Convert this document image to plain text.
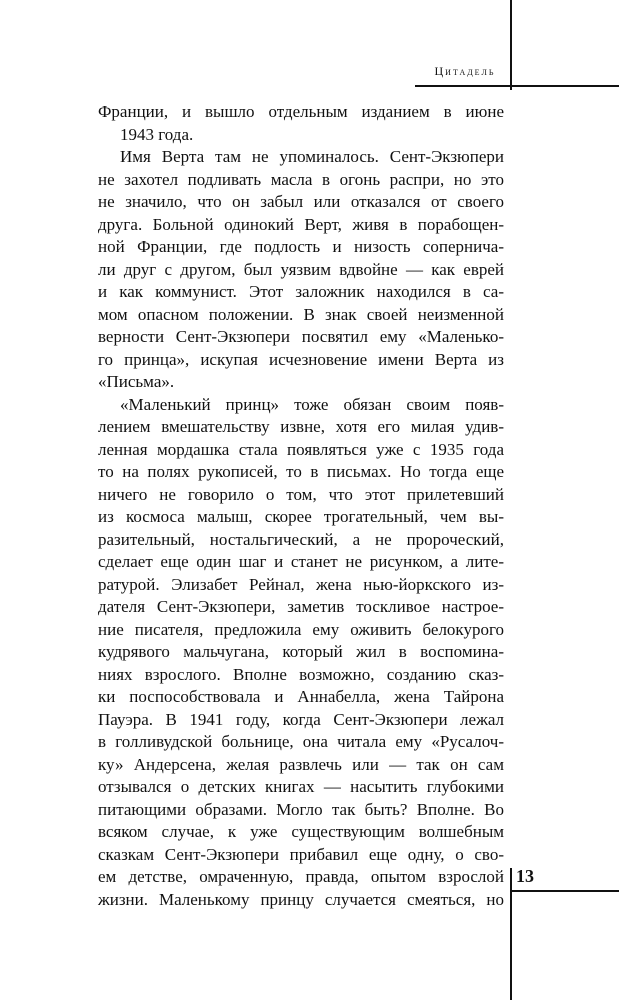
Цитадель
Франции, и вышло отдельным изданием в июне
1943 года.
Имя Верта там не упоминалось. Сент-Экзюпери
не захотел подливать масла в огонь распри, но это
не значило, что он забыл или отказался от своего
друга. Больной одинокий Верт, живя в порабощен-
ной Франции, где подлость и низость соперничa-
ли друг с другом, был уязвим вдвойне — как еврей
и как коммунист. Этот заложник находился в са-
мом опасном положении. В знак своей неизменной
верности Сент-Экзюпери посвятил ему «Маленько-
го принца», искупая исчезновение имени Верта из
«Письма».
«Маленький принц» тоже обязан своим появ-
лением вмешательству извне, хотя его милая удив-
ленная мордашка стала появляться уже с 1935 года
то на полях рукописей, то в письмах. Но тогда еще
ничего не говорило о том, что этот прилетевший
из космоса малыш, скорее трогательный, чем вы-
разительный, ностальгический, а не пророческий,
сделает еще один шаг и станет не рисунком, а лите-
ратурой. Элизабет Рейнал, жена нью-йоркского из-
дателя Сент-Экзюпери, заметив тоскливое настрое-
ние писателя, предложила ему оживить белокурого
кудрявого мальчугана, который жил в воспомина-
ниях взрослого. Вполне возможно, созданию сказ-
ки поспособствовала и Аннабелла, жена Тайрона
Пауэра. В 1941 году, когда Сент-Экзюпери лежал
в голливудской больнице, она читала ему «Русалоч-
ку» Андерсена, желая развлечь или — так он сам
отзывался о детских книгах — насытить глубокими
питающими образами. Могло так быть? Вполне. Во
всяком случае, к уже существующим волшебным
сказкам Сент-Экзюпери прибавил еще одну, о сво-
ем детстве, омраченную, правда, опытом взрослой
жизни. Маленькому принцу случается смеяться, но
13
